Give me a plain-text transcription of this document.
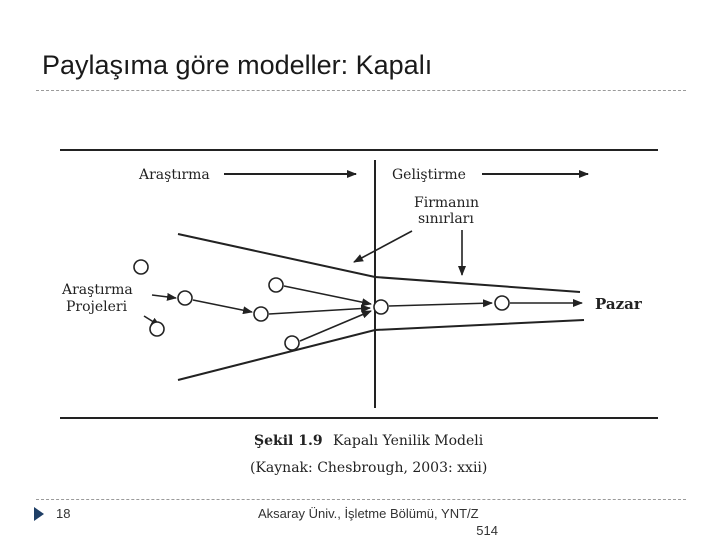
Paylaşıma göre modeller: Kapalı
Araştırma	Geliştirme
Firmanın
sınırları
Araştırma
Projeleri	Pazar
Şekil 1.9 Kapalı Yenilik Modeli
(Kaynak: Chesbrough, 2003: xxii)
18	Aksaray Üniv., İşletme Bölümü, YNT/Z
514
